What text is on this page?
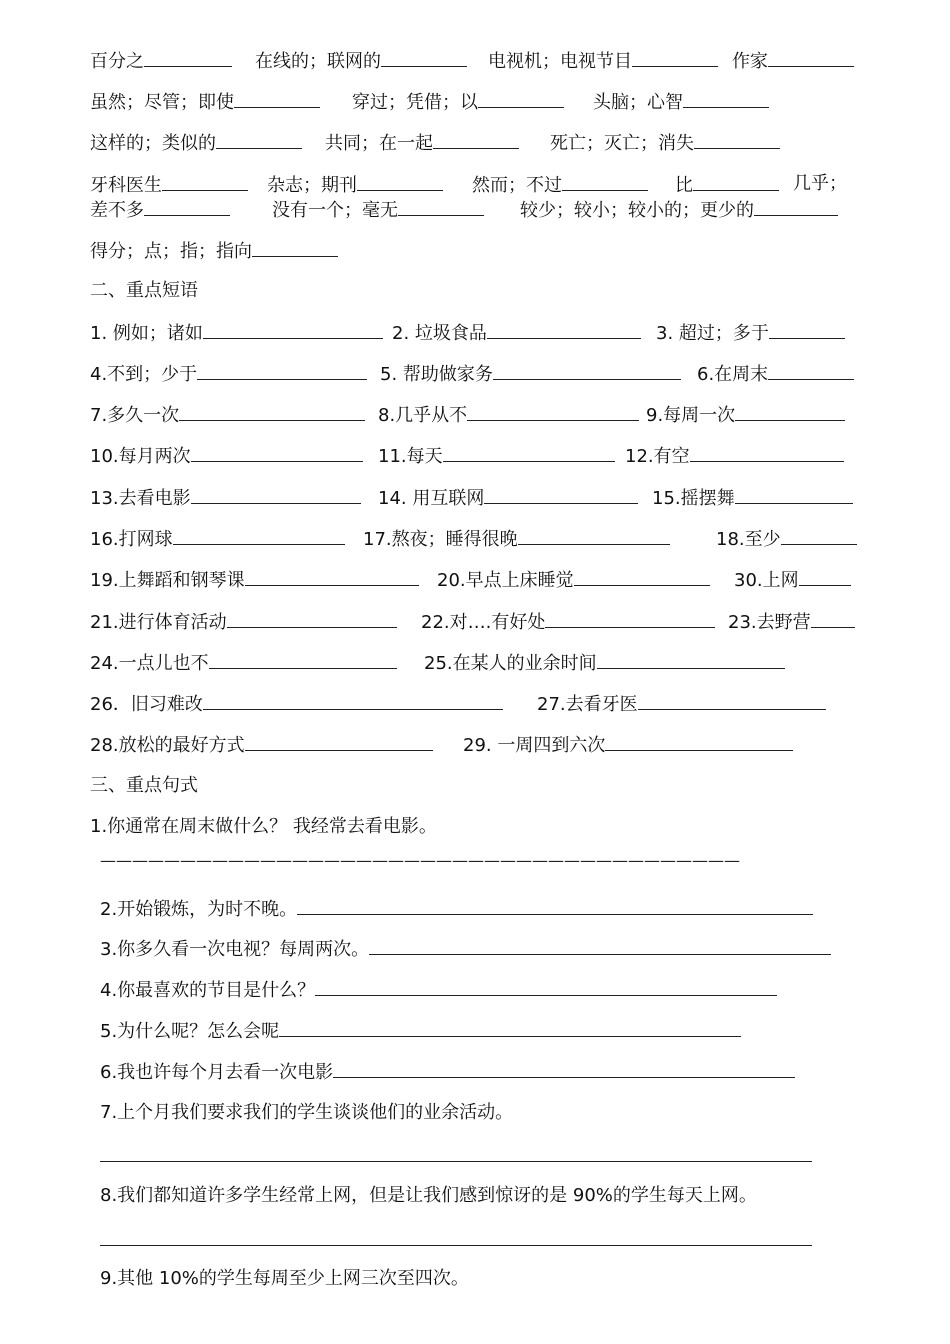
百分之	在线的；联网的	电视机；电视节目	作家
虽然；尽管；即使	穿过；凭借；以	头脑；心智
这样的；类似的	共同；在一起	死亡；灭亡；消失
牙科医生	杂志；期刊	然而；不过	比	几乎；
差不多	没有一个；毫无	较少；较小；较小的；更少的
得分；点；指；指向
二、重点短语
1. 例如；诸如	2. 垃圾食品	3. 超过；多于
4.不到；少于	5. 帮助做家务	6.在周末
7.多久一次	8.几乎从不	9.每周一次
10.每月两次	11.每天	12.有空
13.去看电影	14. 用互联网	15.摇摆舞
16.打网球	17.熬夜；睡得很晚	18.至少
19.上舞蹈和钢琴课	20.早点上床睡觉	30.上网
21.进行体育活动	22.对….有好处	23.去野营
24.一点儿也不	25.在某人的业余时间
26．旧习难改	27.去看牙医
28.放松的最好方式	29. 一周四到六次
三、重点句式
1.你通常在周末做什么？ 我经常去看电影。
————————————————————————————————————————
2.开始锻炼，为时不晚。
3.你多久看一次电视？每周两次。
4.你最喜欢的节目是什么？
5.为什么呢？怎么会呢
6.我也许每个月去看一次电影
7.上个月我们要求我们的学生谈谈他们的业余活动。
8.我们都知道许多学生经常上网，但是让我们感到惊讶的是 90%的学生每天上网。
9.其他 10%的学生每周至少上网三次至四次。
